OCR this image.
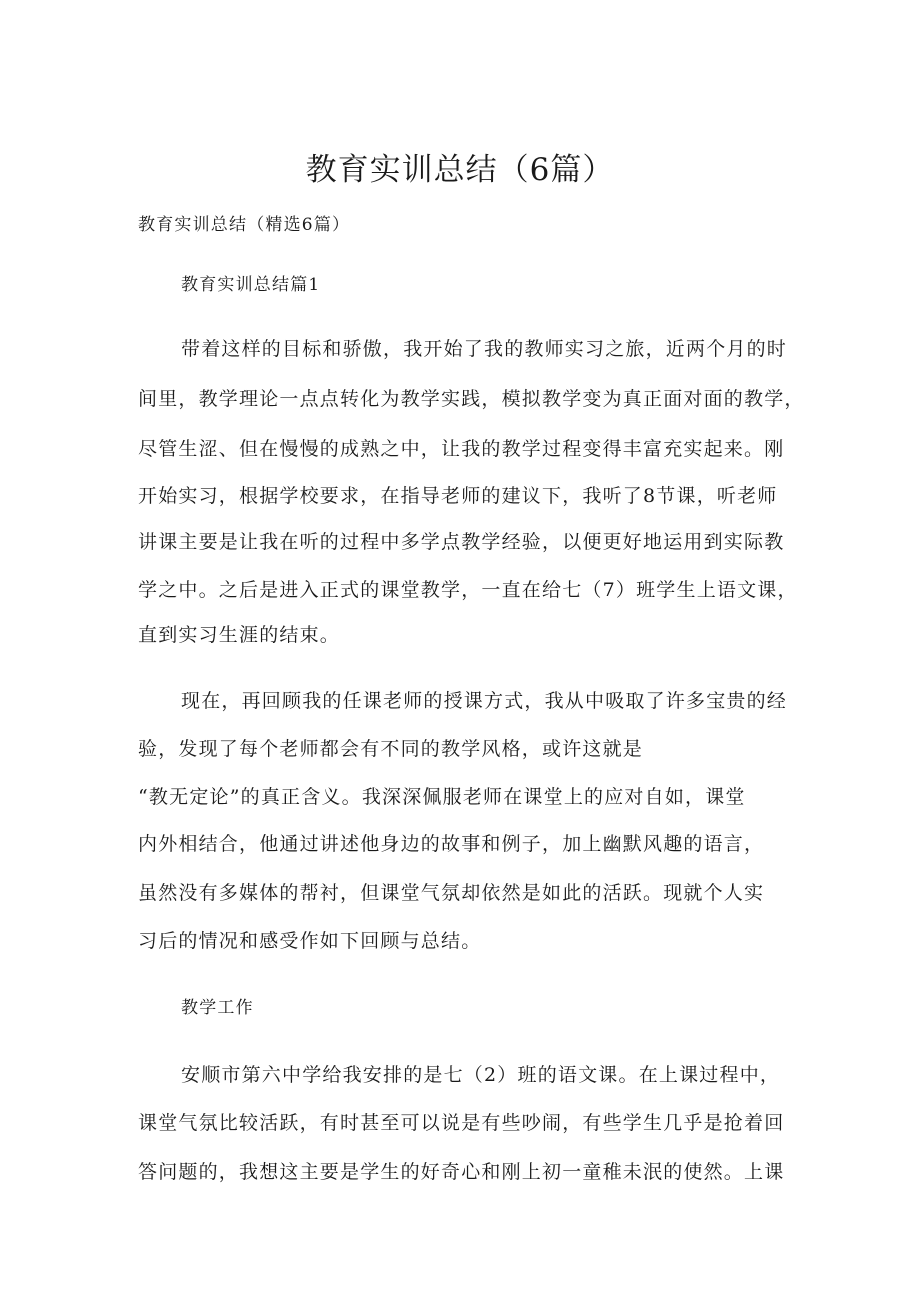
教育实训总结（6篇）
教育实训总结（精选6篇）
教育实训总结篇1
带着这样的目标和骄傲，我开始了我的教师实习之旅，近两个月的时
间里，教学理论一点点转化为教学实践，模拟教学变为真正面对面的教学，
尽管生涩、但在慢慢的成熟之中，让我的教学过程变得丰富充实起来。刚
开始实习，根据学校要求，在指导老师的建议下，我听了8节课，听老师
讲课主要是让我在听的过程中多学点教学经验，以便更好地运用到实际教
学之中。之后是进入正式的课堂教学，一直在给七（7）班学生上语文课，
直到实习生涯的结束。
现在，再回顾我的任课老师的授课方式，我从中吸取了许多宝贵的经
验，发现了每个老师都会有不同的教学风格，或许这就是
“教无定论”的真正含义。我深深佩服老师在课堂上的应对自如，课堂
内外相结合，他通过讲述他身边的故事和例子，加上幽默风趣的语言，
虽然没有多媒体的帮衬，但课堂气氛却依然是如此的活跃。现就个人实
习后的情况和感受作如下回顾与总结。
教学工作
安顺市第六中学给我安排的是七（2）班的语文课。在上课过程中，
课堂气氛比较活跃，有时甚至可以说是有些吵闹，有些学生几乎是抢着回
答问题的，我想这主要是学生的好奇心和刚上初一童稚未泯的使然。上课
